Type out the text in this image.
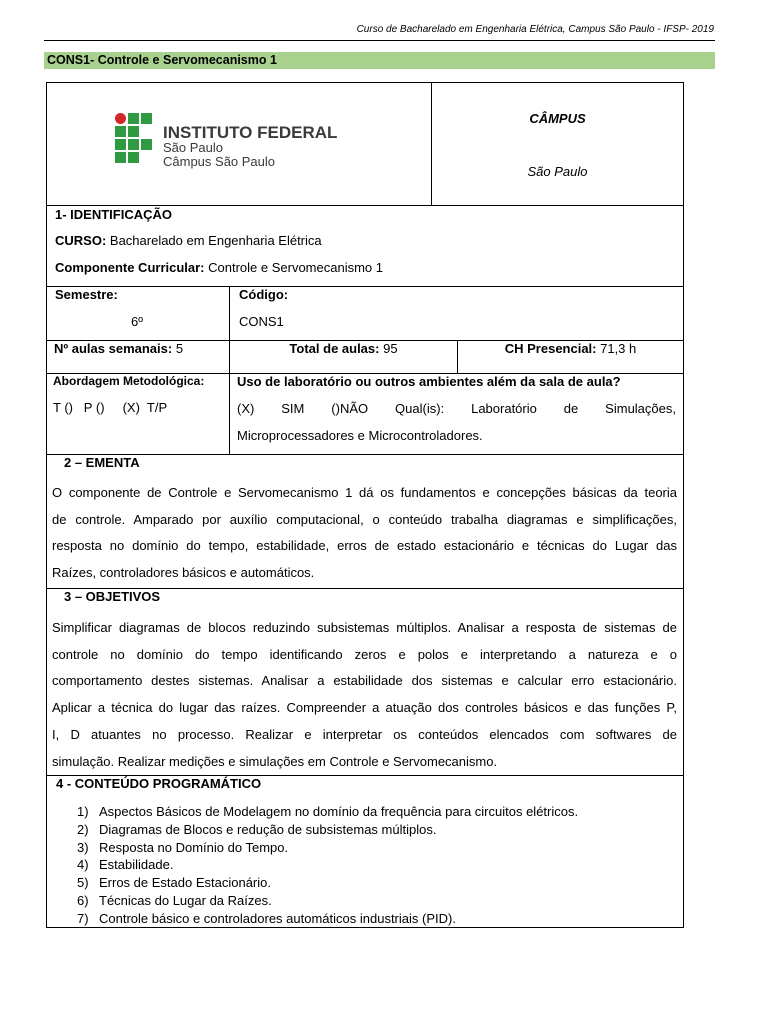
Curso de Bacharelado em Engenharia Elétrica, Campus São Paulo - IFSP- 2019
CONS1- Controle e Servomecanismo 1
INSTITUTO FEDERAL
São Paulo
Câmpus São Paulo
CÂMPUS
São Paulo
1- IDENTIFICAÇÃO
CURSO: Bacharelado em Engenharia Elétrica
Componente Curricular: Controle e Servomecanismo 1
Semestre:
6º
Código:
CONS1
Nº aulas semanais: 5	Total de aulas: 95	CH Presencial: 71,3 h
Abordagem Metodológica:
T ()   P ()     (X)  T/P
Uso de laboratório ou outros ambientes além da sala de aula?
(X) SIM ()NÃO Qual(is): Laboratório de Simulações,
Microprocessadores e Microcontroladores.
2 – EMENTA
O componente de Controle e Servomecanismo 1 dá os fundamentos e concepções básicas da teoria
de controle. Amparado por auxílio computacional, o conteúdo trabalha diagramas e simplificações,
resposta no domínio do tempo, estabilidade, erros de estado estacionário e técnicas do Lugar das
Raízes, controladores básicos e automáticos.
3 – OBJETIVOS
Simplificar diagramas de blocos reduzindo subsistemas múltiplos. Analisar a resposta de sistemas de
controle no domínio do tempo identificando zeros e polos e interpretando a natureza e o
comportamento destes sistemas. Analisar a estabilidade dos sistemas e calcular erro estacionário.
Aplicar a técnica do lugar das raízes. Compreender a atuação dos controles básicos e das funções P,
I, D atuantes no processo. Realizar e interpretar os conteúdos elencados com softwares de
simulação. Realizar medições e simulações em Controle e Servomecanismo.
4 - CONTEÚDO PROGRAMÁTICO
1) Aspectos Básicos de Modelagem no domínio da frequência para circuitos elétricos.
2) Diagramas de Blocos e redução de subsistemas múltiplos.
3) Resposta no Domínio do Tempo.
4) Estabilidade.
5) Erros de Estado Estacionário.
6) Técnicas do Lugar da Raízes.
7) Controle básico e controladores automáticos industriais (PID).
